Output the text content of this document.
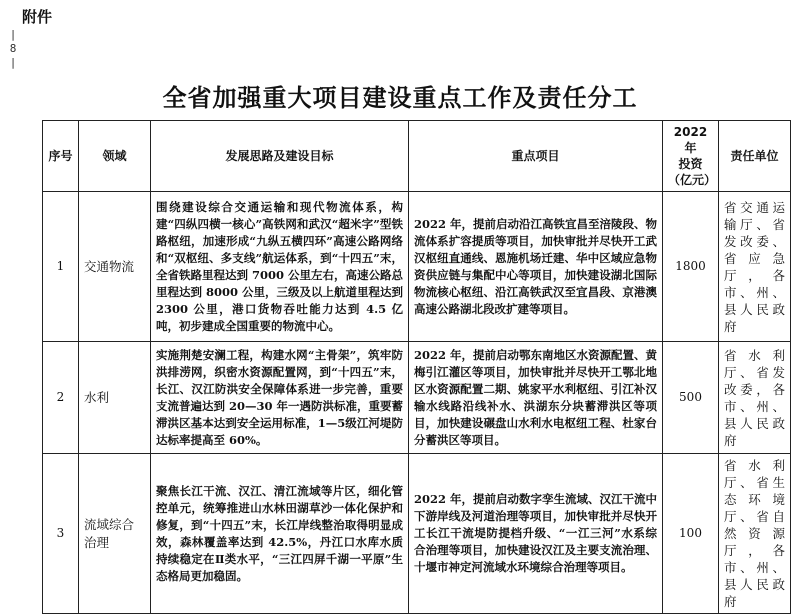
附件
|
8
|
全省加强重大项目建设重点工作及责任分工
序号	领域	发展思路及建设目标	重点项目	2022 年
投资
（亿元）	责任单位
1	交通物流	围绕建设综合交通运输和现代物流体系，构建“四纵四横一核心”高铁网和武汉“超米字”型铁路枢纽，加速形成“九纵五横四环”高速公路网络和“双枢纽、多支线”航运体系，到“十四五”末，全省铁路里程达到 7000 公里左右，高速公路总里程达到 8000 公里，三级及以上航道里程达到 2300 公里，港口货物吞吐能力达到 4.5 亿吨，初步建成全国重要的物流中心。	2022 年，提前启动沿江高铁宜昌至涪陵段、物流体系扩容提质等项目，加快审批并尽快开工武汉枢纽直通线、恩施机场迁建、华中区域应急物资供应链与集配中心等项目，加快建设湖北国际物流核心枢纽、沿江高铁武汉至宜昌段、京港澳高速公路湖北段改扩建等项目。	1800	省交通运输厅、省发改委、省应急厅，各市、州、县人民政府
2	水利	实施荆楚安澜工程，构建水网“主骨架”，筑牢防洪排涝网，织密水资源配置网，到“十四五”末，长江、汉江防洪安全保障体系进一步完善，重要支流普遍达到 20—30 年一遇防洪标准，重要蓄滞洪区基本达到安全运用标准，1—5级江河堤防达标率提高至 60%。	2022 年，提前启动鄂东南地区水资源配置、黄梅引江灌区等项目，加快审批并尽快开工鄂北地区水资源配置二期、姚家平水利枢纽、引江补汉输水线路沿线补水、洪湖东分块蓄滞洪区等项目，加快建设碾盘山水利水电枢纽工程、杜家台分蓄洪区等项目。	500	省水利厅、省发改委，各市、州、县人民政府
3	流域综合治理	聚焦长江干流、汉江、清江流域等片区，细化管控单元，统筹推进山水林田湖草沙一体化保护和修复，到“十四五”末，长江岸线整治取得明显成效，森林覆盖率达到 42.5%，丹江口水库水质持续稳定在Ⅱ类水平，“三江四屏千湖一平原”生态格局更加稳固。	2022 年，提前启动数字孪生流域、汉江干流中下游岸线及河道治理等项目，加快审批并尽快开工长江干流堤防提档升级、“一江三河”水系综合治理等项目，加快建设汉江及主要支流治理、十堰市神定河流域水环境综合治理等项目。	100	省水利厅、省生态环境厅、省自然资源厅，各市、州、县人民政府
